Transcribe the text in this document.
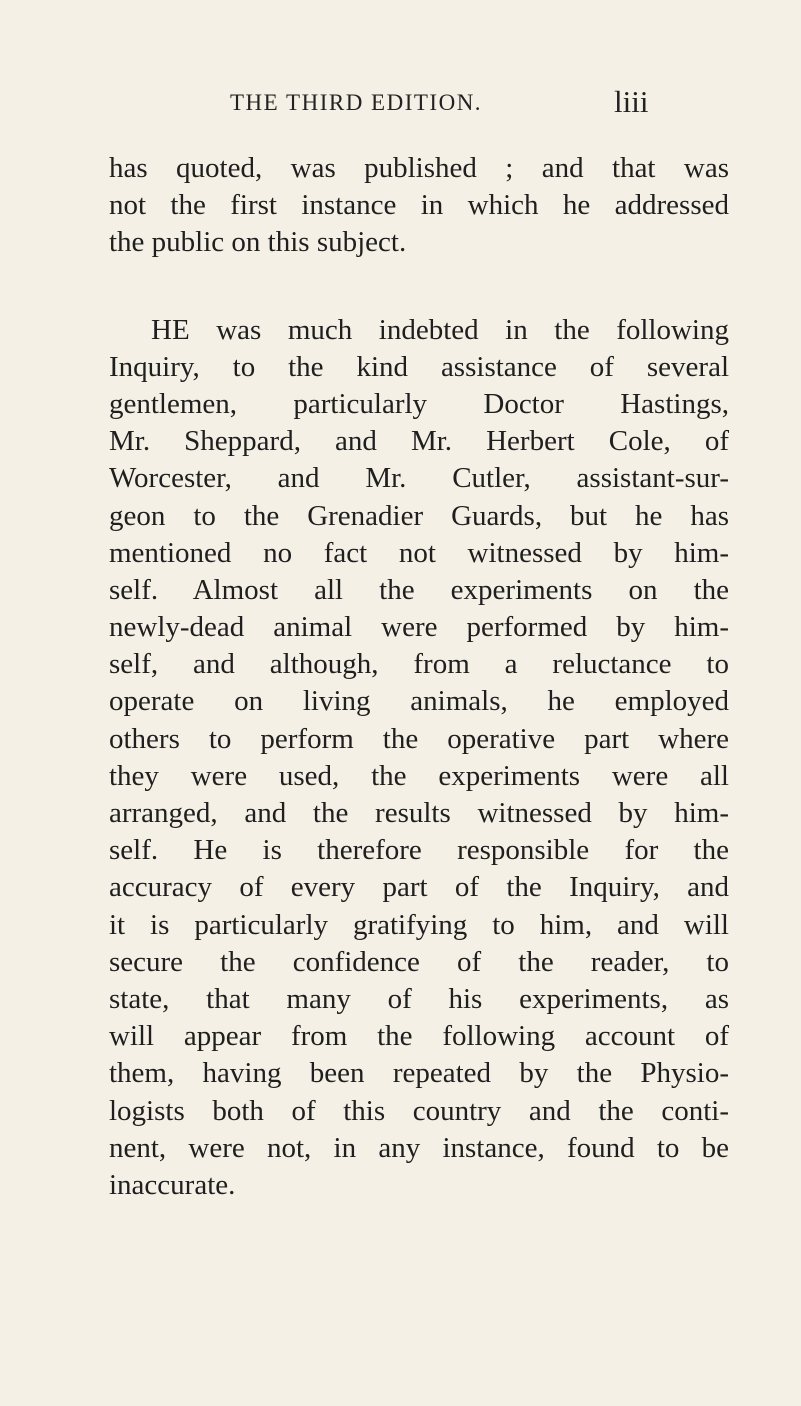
THE THIRD EDITION.	liii
has quoted, was published ; and that was
not the first instance in which he addressed
the public on this subject.
HE was much indebted in the following
Inquiry, to the kind assistance of several
gentlemen, particularly Doctor Hastings,
Mr. Sheppard, and Mr. Herbert Cole, of
Worcester, and Mr. Cutler, assistant-sur-
geon to the Grenadier Guards, but he has
mentioned no fact not witnessed by him-
self. Almost all the experiments on the
newly-dead animal were performed by him-
self, and although, from a reluctance to
operate on living animals, he employed
others to perform the operative part where
they were used, the experiments were all
arranged, and the results witnessed by him-
self. He is therefore responsible for the
accuracy of every part of the Inquiry, and
it is particularly gratifying to him, and will
secure the confidence of the reader, to
state, that many of his experiments, as
will appear from the following account of
them, having been repeated by the Physio-
logists both of this country and the conti-
nent, were not, in any instance, found to be
inaccurate.
